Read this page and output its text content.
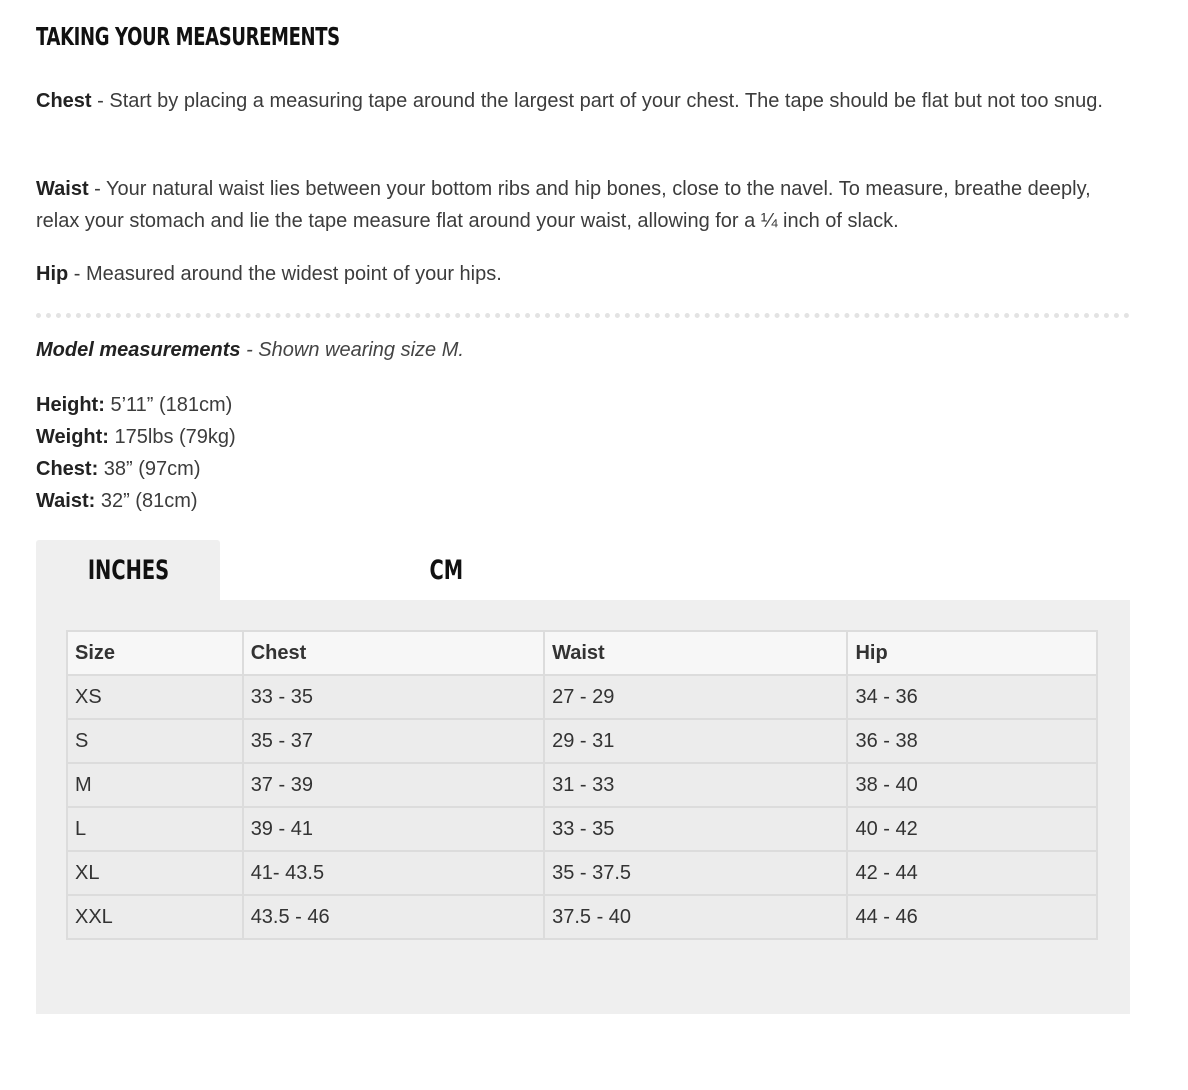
TAKING YOUR MEASUREMENTS

Chest - Start by placing a measuring tape around the largest part of your chest. The tape should be flat but not too snug.

Waist - Your natural waist lies between your bottom ribs and hip bones, close to the navel. To measure, breathe deeply, relax your stomach and lie the tape measure flat around your waist, allowing for a ¼ inch of slack.

Hip - Measured around the widest point of your hips.

Model measurements - Shown wearing size M.

Height: 5’11” (181cm)
Weight: 175lbs (79kg)
Chest: 38” (97cm)
Waist: 32” (81cm)
INCHES	CM
Size	Chest	Waist	Hip
XS	33 - 35	27 - 29	34 - 36
S	35 - 37	29 - 31	36 - 38
M	37 - 39	31 - 33	38 - 40
L	39 - 41	33 - 35	40 - 42
XL	41- 43.5	35 - 37.5	42 - 44
XXL	43.5 - 46	37.5 - 40	44 - 46
